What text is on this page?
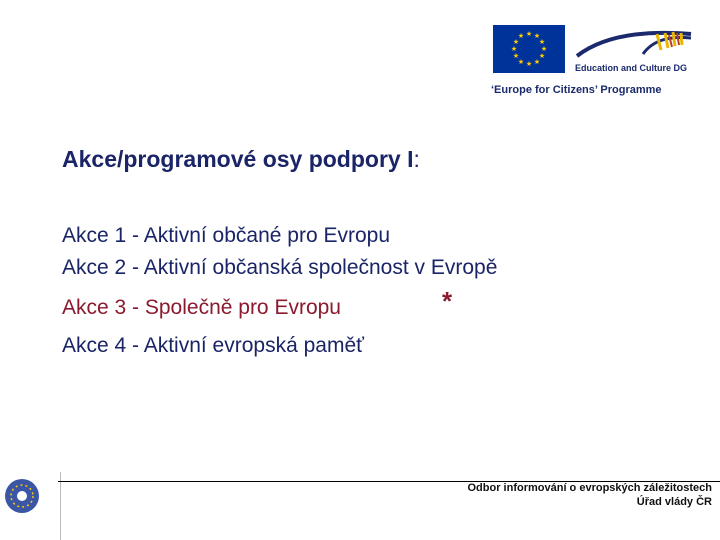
★ ★
★
★
★
★
★
★
★
★
★
★
Education and Culture DG
‘Europe for Citizens’ Programme
Akce/programové osy podpory I:
Akce 1 - Aktivní občané pro Evropu
Akce 2 - Aktivní občanská společnost v Evropě
Akce 3 - Společně pro Evropu	*
Akce 4 - Aktivní evropská paměť
Odbor informování o evropských záležitostech
Úřad vlády ČR
